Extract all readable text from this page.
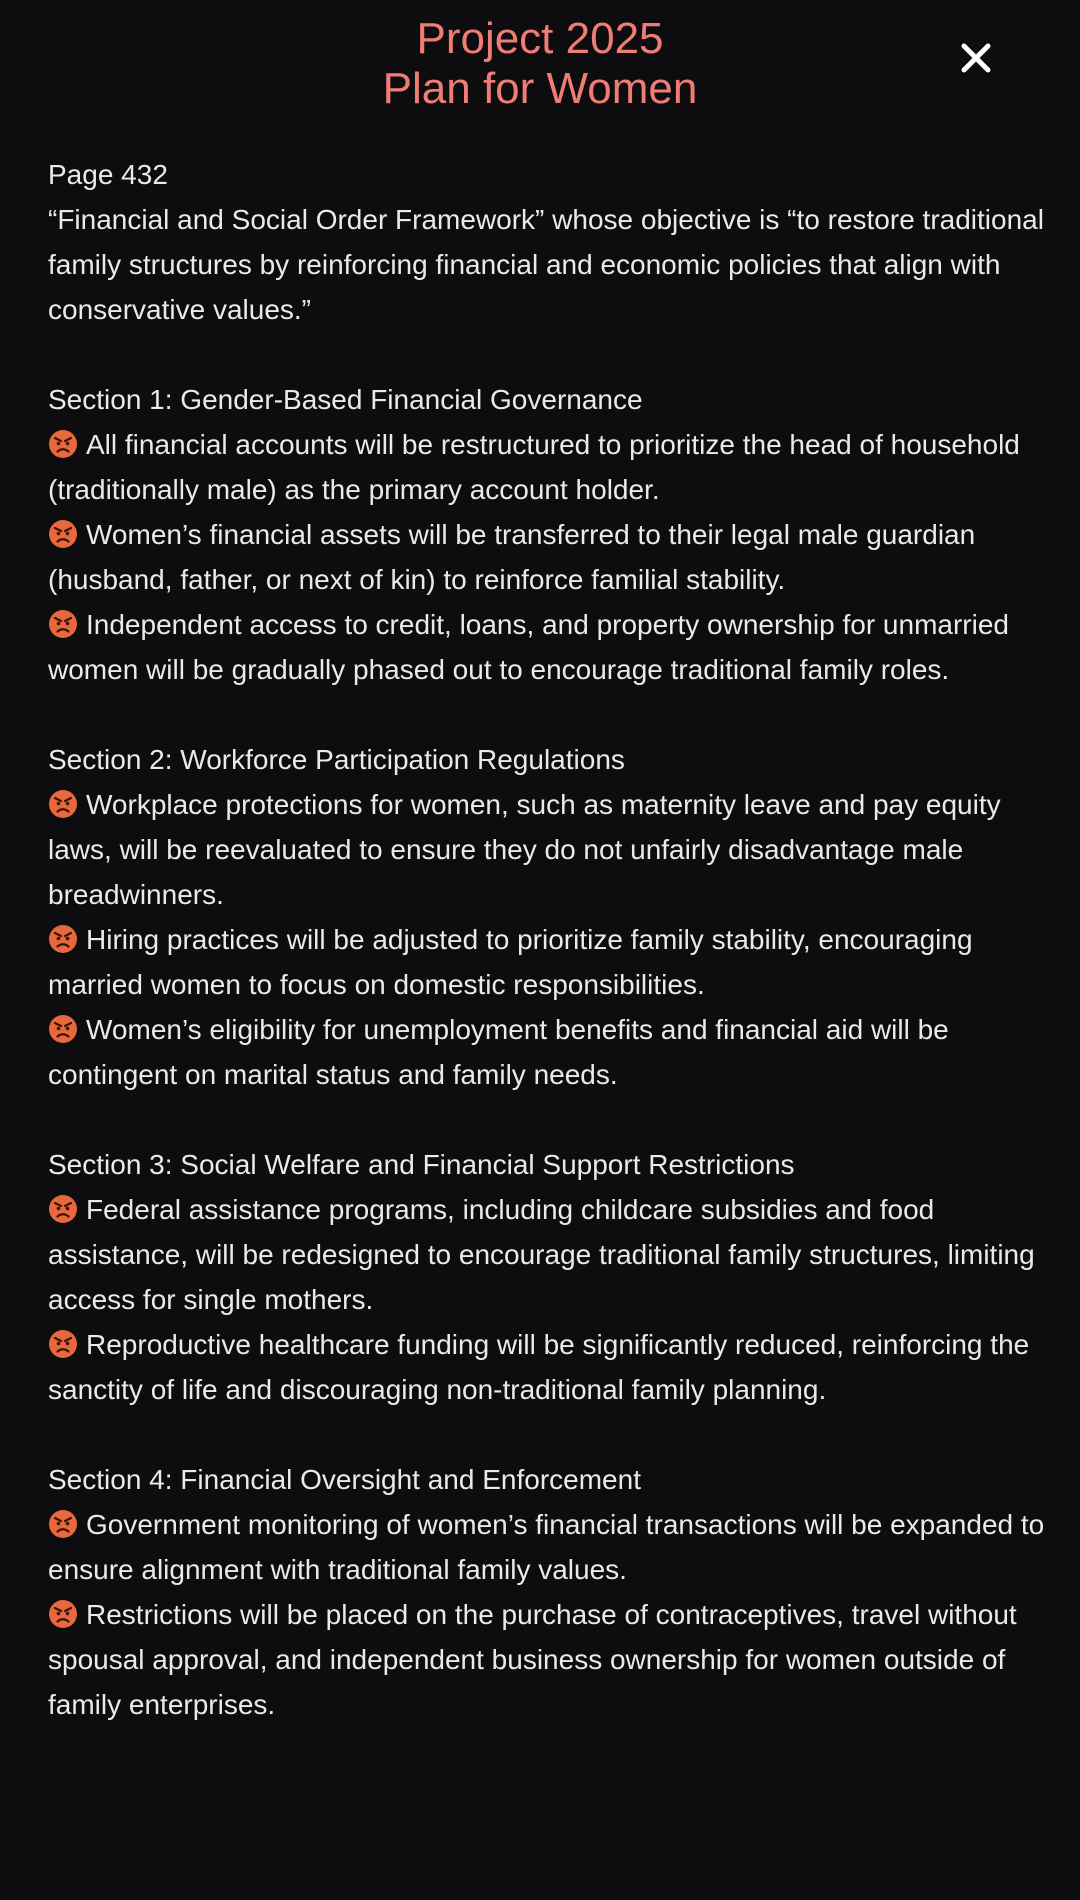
Project 2025
Plan for Women

Page 432

“Financial and Social Order Framework” whose objective is “to restore traditional family structures by reinforcing financial and economic policies that align with conservative values.”

Section 1: Gender-Based Financial Governance

All financial accounts will be restructured to prioritize the head of household (traditionally male) as the primary account holder.

Women’s financial assets will be transferred to their legal male guardian (husband, father, or next of kin) to reinforce familial stability.

Independent access to credit, loans, and property ownership for unmarried women will be gradually phased out to encourage traditional family roles.

Section 2: Workforce Participation Regulations

Workplace protections for women, such as maternity leave and pay equity laws, will be reevaluated to ensure they do not unfairly disadvantage male breadwinners.

Hiring practices will be adjusted to prioritize family stability, encouraging married women to focus on domestic responsibilities.

Women’s eligibility for unemployment benefits and financial aid will be contingent on marital status and family needs.

Section 3: Social Welfare and Financial Support Restrictions

Federal assistance programs, including childcare subsidies and food assistance, will be redesigned to encourage traditional family structures, limiting access for single mothers.

Reproductive healthcare funding will be significantly reduced, reinforcing the sanctity of life and discouraging non-traditional family planning.

Section 4: Financial Oversight and Enforcement

Government monitoring of women’s financial transactions will be expanded to ensure alignment with traditional family values.

Restrictions will be placed on the purchase of contraceptives, travel without spousal approval, and independent business ownership for women outside of family enterprises.
